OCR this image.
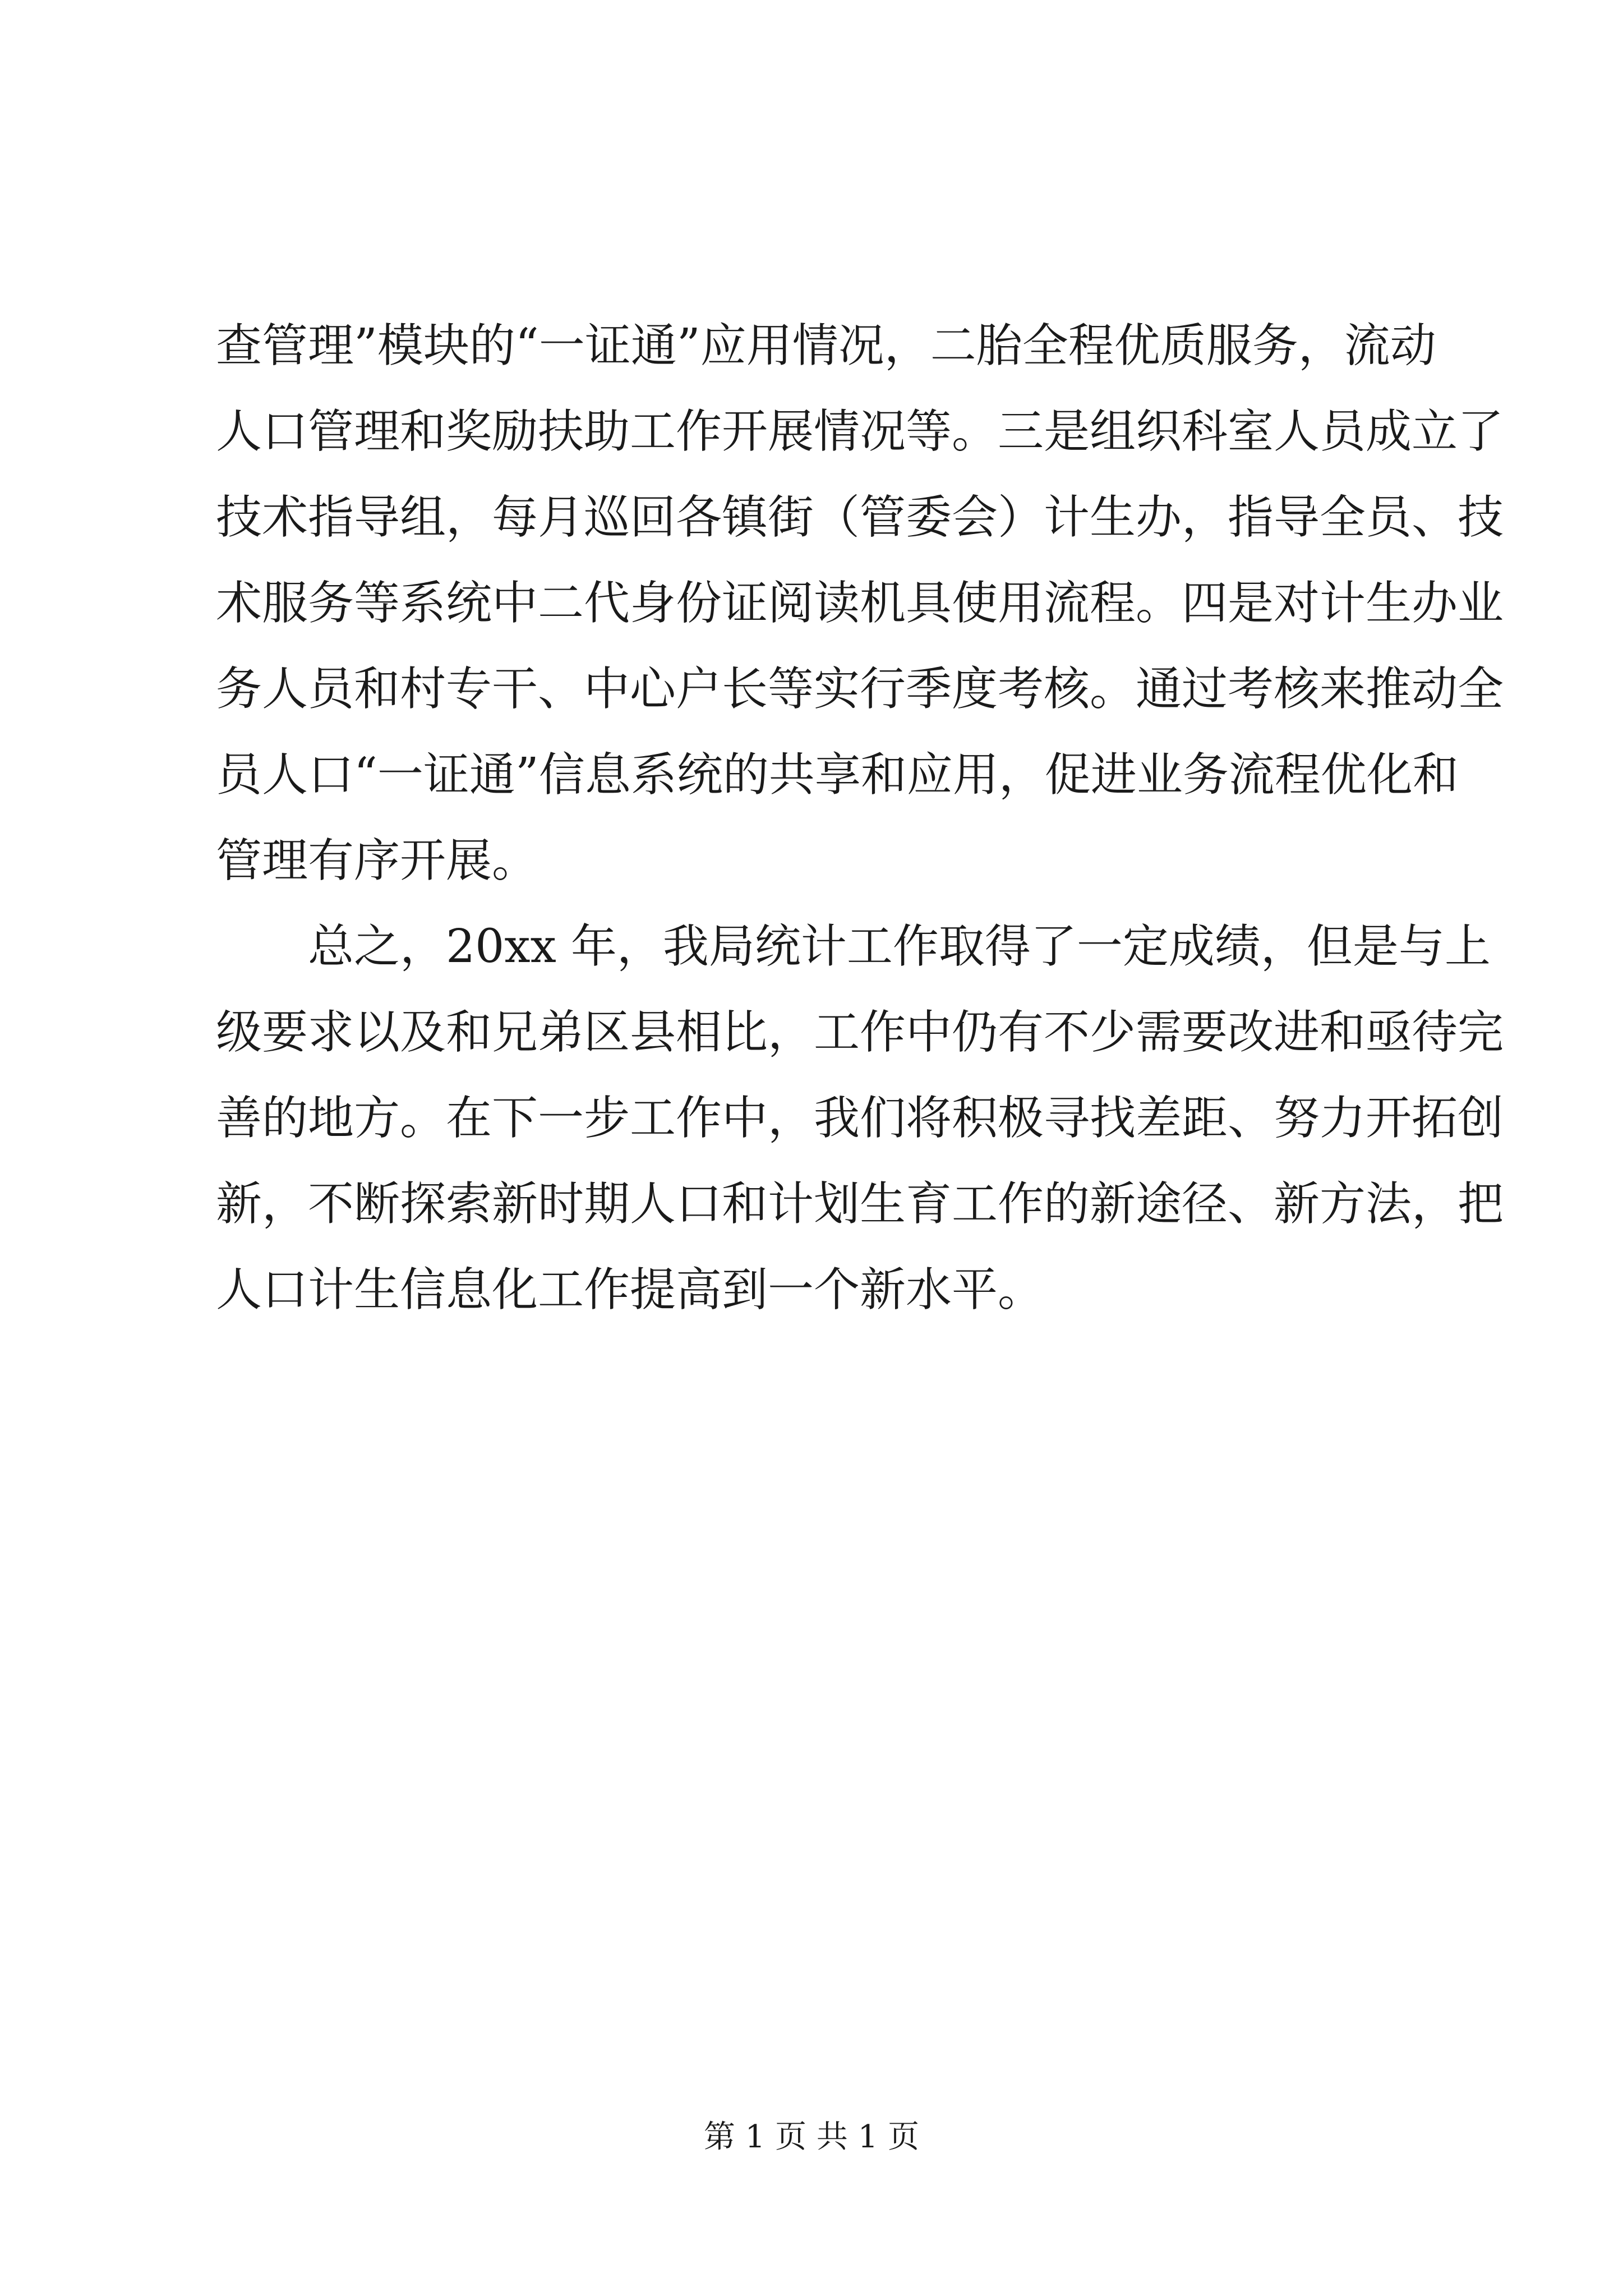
查管理”模块的“一证通”应用情况，二胎全程优质服务，流动
人口管理和奖励扶助工作开展情况等。三是组织科室人员成立了
技术指导组，每月巡回各镇街（管委会）计生办，指导全员、技
术服务等系统中二代身份证阅读机具使用流程。四是对计生办业
务人员和村专干、中心户长等实行季度考核。通过考核来推动全
员人口“一证通”信息系统的共享和应用，促进业务流程优化和
管理有序开展。

总之，20xx 年，我局统计工作取得了一定成绩，但是与上
级要求以及和兄弟区县相比，工作中仍有不少需要改进和亟待完
善的地方。在下一步工作中，我们将积极寻找差距、努力开拓创
新，不断探索新时期人口和计划生育工作的新途径、新方法，把
人口计生信息化工作提高到一个新水平。

第 1 页 共 1 页
